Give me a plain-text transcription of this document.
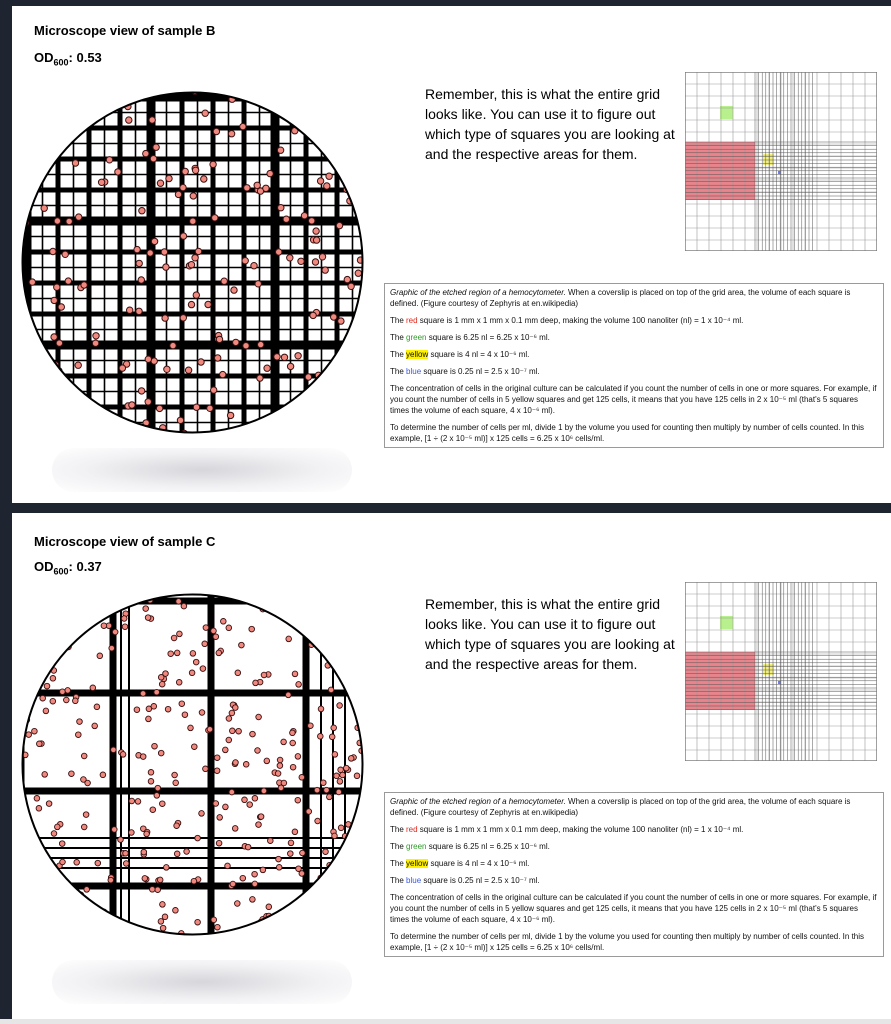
Microscope view of sample B
$OD_{600}$: 0.53
Remember, this is what the entire grid looks like. You can use it to figure out which type of squares you are looking at and the respective areas for them.

Graphic of the etched region of a hemocytometer. When a coverslip is placed on top of the grid area, the volume of each square is defined. (Figure courtesy of Zephyris at en.wikipedia)

The red square is 1 mm x 1 mm x 0.1 mm deep, making the volume 100 nanoliter (nl) = 1 x 10⁻⁴ ml.

The green square is 6.25 nl = 6.25 x 10⁻⁶ ml.

The yellow square is 4 nl = 4 x 10⁻⁶ ml.

The blue square is 0.25 nl = 2.5 x 10⁻⁷ ml.

The concentration of cells in the original culture can be calculated if you count the number of cells in one or more squares. For example, if you count the number of cells in 5 yellow squares and get 125 cells, it means that you have 125 cells in 2 x 10⁻⁵ ml (that's 5 squares times the volume of each square, 4 x 10⁻⁶ ml).

To determine the number of cells per ml, divide 1 by the volume you used for counting then multiply by number of cells counted. In this example, [1 ÷ (2 x 10⁻⁵ ml)] x 125 cells = 6.25 x 10⁶ cells/ml.

Microscope view of sample C
$OD_{600}$: 0.37
Remember, this is what the entire grid looks like. You can use it to figure out which type of squares you are looking at and the respective areas for them.

Graphic of the etched region of a hemocytometer. When a coverslip is placed on top of the grid area, the volume of each square is defined. (Figure courtesy of Zephyris at en.wikipedia)

The red square is 1 mm x 1 mm x 0.1 mm deep, making the volume 100 nanoliter (nl) = 1 x 10⁻⁴ ml.

The green square is 6.25 nl = 6.25 x 10⁻⁶ ml.

The yellow square is 4 nl = 4 x 10⁻⁶ ml.

The blue square is 0.25 nl = 2.5 x 10⁻⁷ ml.

The concentration of cells in the original culture can be calculated if you count the number of cells in one or more squares. For example, if you count the number of cells in 5 yellow squares and get 125 cells, it means that you have 125 cells in 2 x 10⁻⁵ ml (that's 5 squares times the volume of each square, 4 x 10⁻⁶ ml).

To determine the number of cells per ml, divide 1 by the volume you used for counting then multiply by number of cells counted. In this example, [1 ÷ (2 x 10⁻⁵ ml)] x 125 cells = 6.25 x 10⁶ cells/ml.
